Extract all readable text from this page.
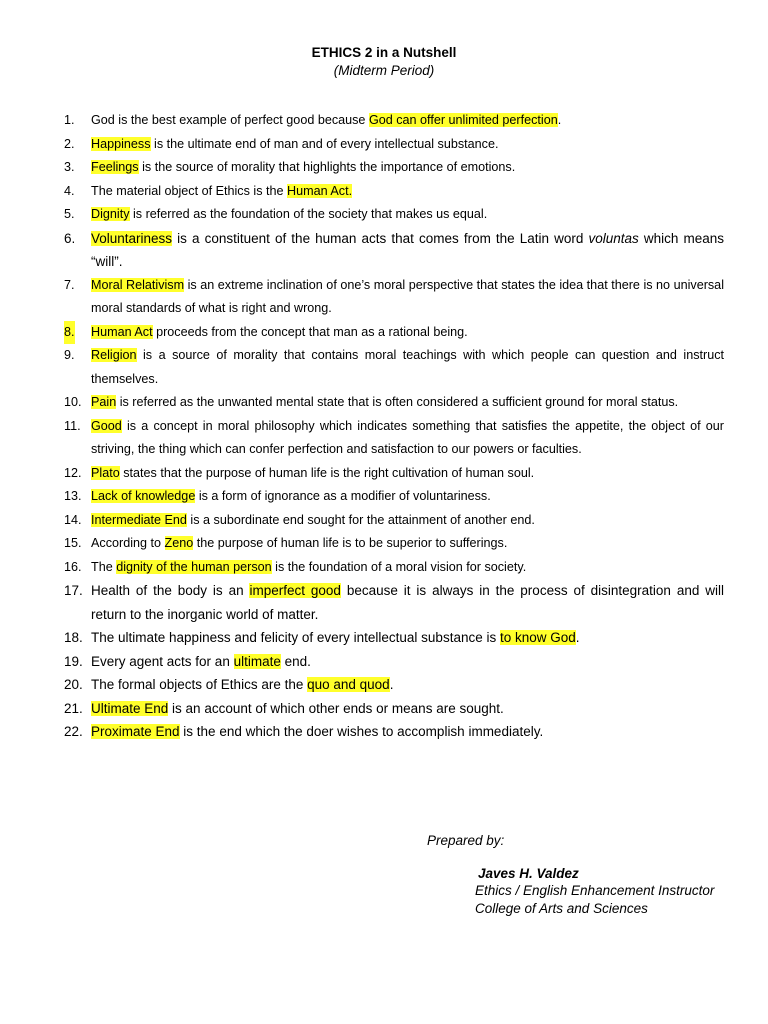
ETHICS 2 in a Nutshell
(Midterm Period)
1. God is the best example of perfect good because God can offer unlimited perfection.
2. Happiness is the ultimate end of man and of every intellectual substance.
3. Feelings is the source of morality that highlights the importance of emotions.
4. The material object of Ethics is the Human Act.
5. Dignity is referred as the foundation of the society that makes us equal.
6. Voluntariness is a constituent of the human acts that comes from the Latin word voluntas which means “will”.
7. Moral Relativism is an extreme inclination of one’s moral perspective that states the idea that there is no universal moral standards of what is right and wrong.
8. Human Act proceeds from the concept that man as a rational being.
9. Religion is a source of morality that contains moral teachings with which people can question and instruct themselves.
10. Pain is referred as the unwanted mental state that is often considered a sufficient ground for moral status.
11. Good is a concept in moral philosophy which indicates something that satisfies the appetite, the object of our striving, the thing which can confer perfection and satisfaction to our powers or faculties.
12. Plato states that the purpose of human life is the right cultivation of human soul.
13. Lack of knowledge is a form of ignorance as a modifier of voluntariness.
14. Intermediate End is a subordinate end sought for the attainment of another end.
15. According to Zeno the purpose of human life is to be superior to sufferings.
16. The dignity of the human person is the foundation of a moral vision for society.
17. Health of the body is an imperfect good because it is always in the process of disintegration and will return to the inorganic world of matter.
18. The ultimate happiness and felicity of every intellectual substance is to know God.
19. Every agent acts for an ultimate end.
20. The formal objects of Ethics are the quo and quod.
21. Ultimate End is an account of which other ends or means are sought.
22. Proximate End is the end which the doer wishes to accomplish immediately.
Prepared by:
Javes H. Valdez
Ethics / English Enhancement Instructor
College of Arts and Sciences
